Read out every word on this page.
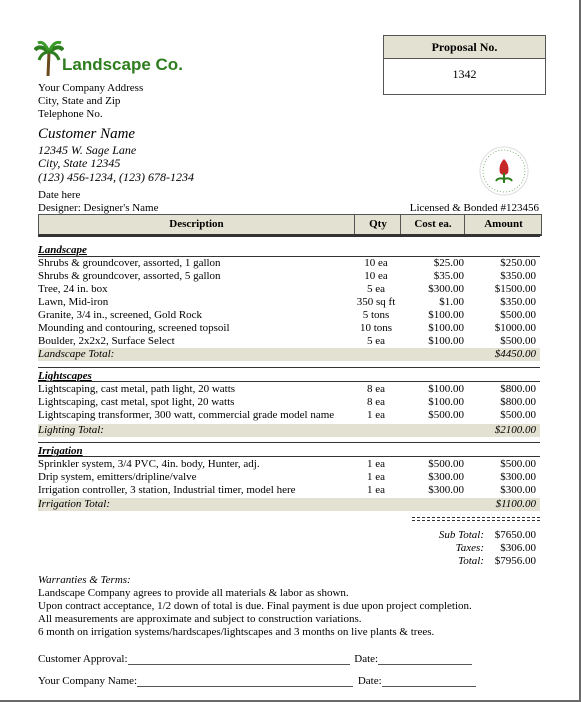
Landscape Co.
Your Company Address
City, State and Zip
Telephone No.
Proposal No.
1342
Customer Name
12345 W. Sage Lane
City, State 12345
(123) 456-1234, (123) 678-1234
Date here
Designer: Designer's Name	Licensed & Bonded #123456
Description	Qty	Cost ea.	Amount
Landscape
Shrubs & groundcover, assorted, 1 gallon	10 ea	$25.00	$250.00
Shrubs & groundcover, assorted, 5 gallon	10 ea	$35.00	$350.00
Tree, 24 in. box	5 ea	$300.00	$1500.00
Lawn, Mid-iron	350 sq ft	$1.00	$350.00
Granite, 3/4 in., screened, Gold Rock	5 tons	$100.00	$500.00
Mounding and contouring, screened topsoil	10 tons	$100.00	$1000.00
Boulder, 2x2x2, Surface Select	5 ea	$100.00	$500.00
Landscape Total:	$4450.00
Lightscapes
Lightscaping, cast metal, path light, 20 watts	8 ea	$100.00	$800.00
Lightscaping, cast metal, spot light, 20 watts	8 ea	$100.00	$800.00
Lightscaping transformer, 300 watt, commercial grade model name	1 ea	$500.00	$500.00
Lighting Total:	$2100.00
Irrigation
Sprinkler system, 3/4 PVC, 4in. body, Hunter, adj.	1 ea	$500.00	$500.00
Drip system, emitters/dripline/valve	1 ea	$300.00	$300.00
Irrigation controller, 3 station, Industrial timer, model here	1 ea	$300.00	$300.00
Irrigation Total:	$1100.00
Sub Total: $7650.00
Taxes:	$306.00
Total: $7956.00
Warranties & Terms:
Landscape Company agrees to provide all materials & labor as shown.
Upon contract acceptance, 1/2 down of total is due. Final payment is due upon project completion.
All measurements are approximate and subject to construction variations.
6 month on irrigation systems/hardscapes/lightscapes and 3 months on live plants & trees.
Customer Approval:	Date:
Your Company Name:	Date:
